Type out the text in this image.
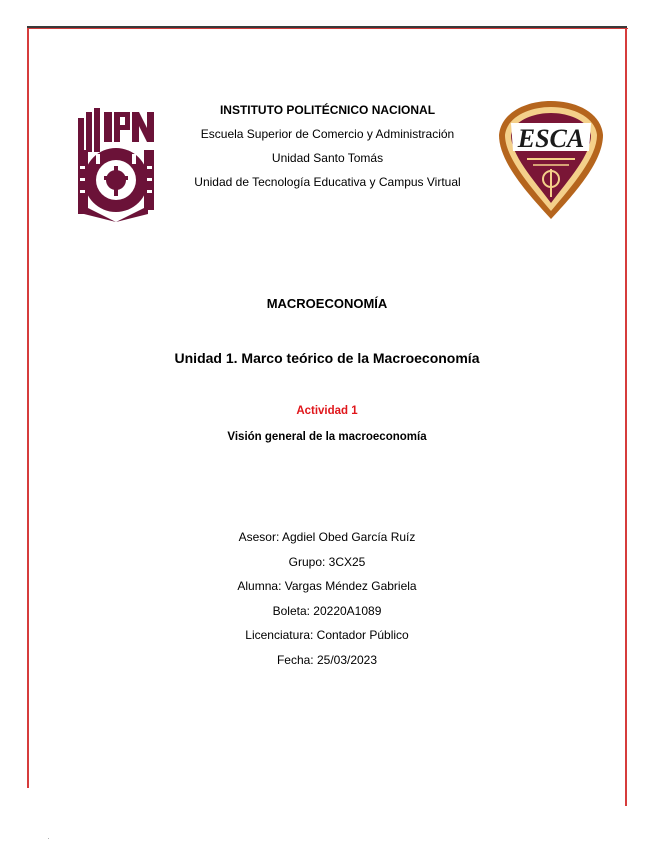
ESCA
INSTITUTO POLITÉCNICO NACIONAL
Escuela Superior de Comercio y Administración
Unidad Santo Tomás
Unidad de Tecnología Educativa y Campus Virtual
MACROECONOMÍA
Unidad 1. Marco teórico de la Macroeconomía
Actividad 1
Visión general de la macroeconomía
Asesor: Agdiel Obed García Ruíz
Grupo: 3CX25
Alumna: Vargas Méndez Gabriela
Boleta: 20220A1089
Licenciatura: Contador Público
Fecha: 25/03/2023
